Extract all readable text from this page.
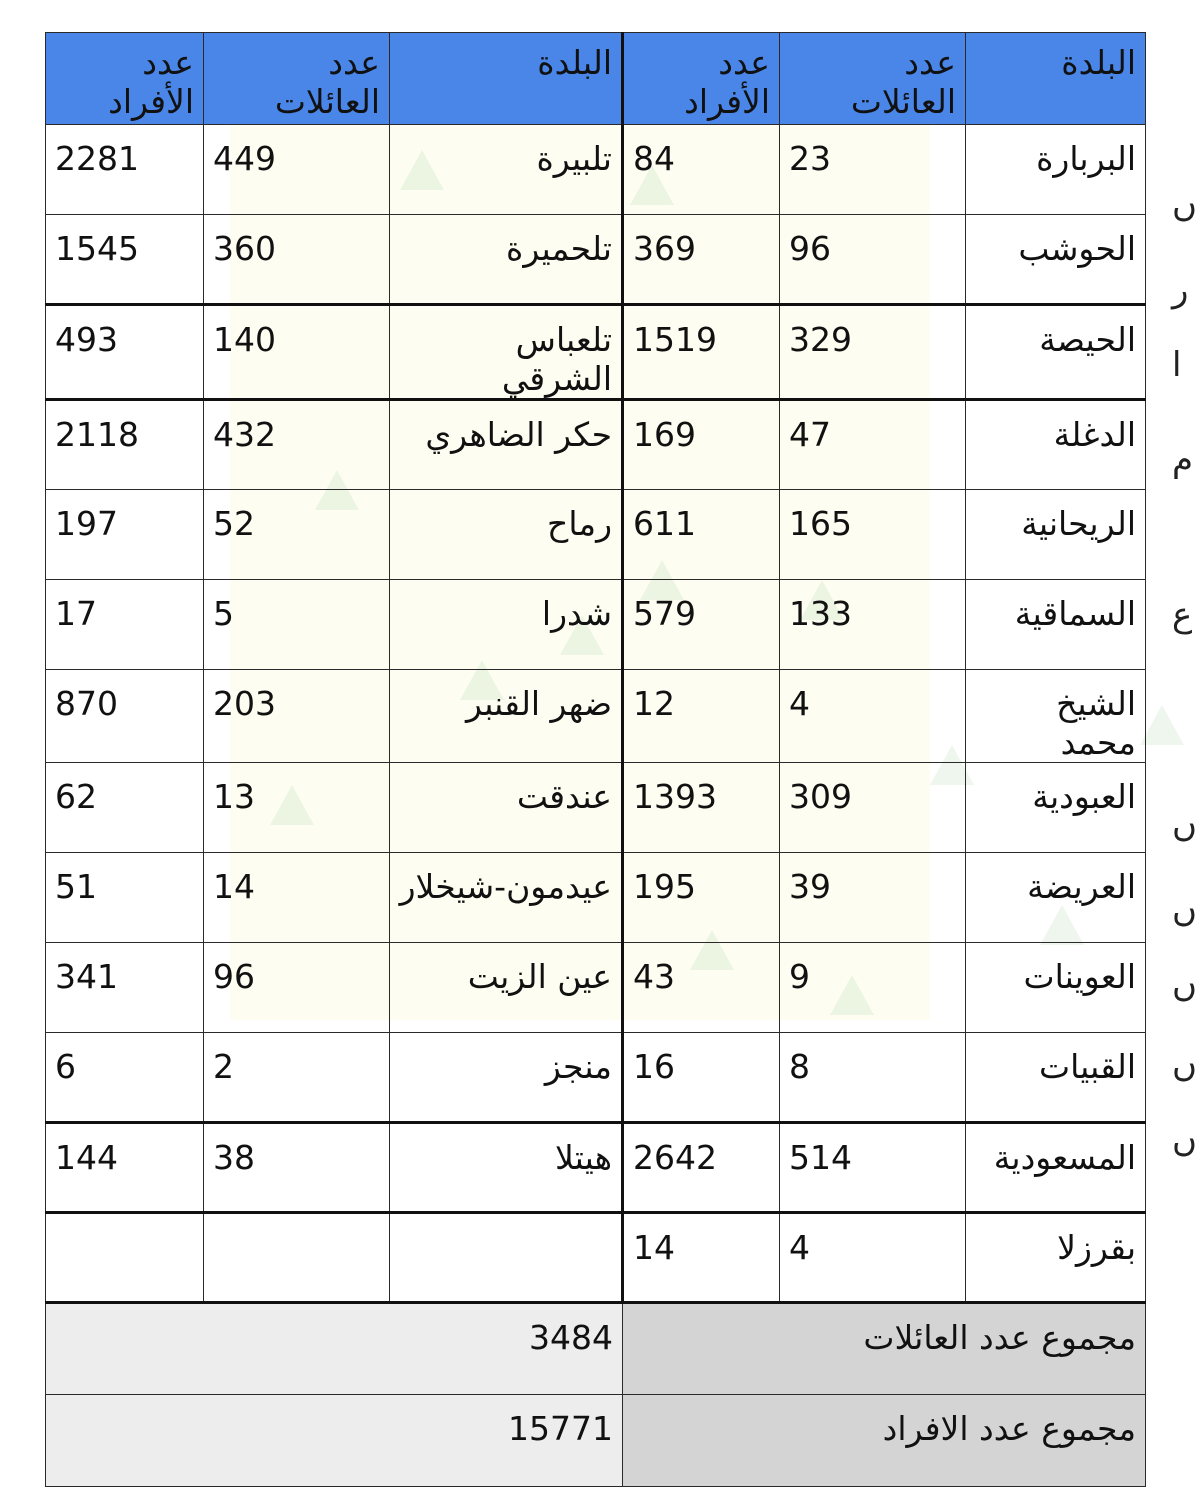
ں
ر
ا
م
ع
ں
ں
ں
ں
ں
البلدة	عدد العائلات	عدد الأفراد	البلدة	عدد العائلات	عدد الأفراد
البربارة	23	84	تلبيرة	449	2281
الحوشب	96	369	تلحميرة	360	1545
الحيصة	329	1519	تلعباس الشرقي	140	493
الدغلة	47	169	حكر الضاهري	432	2118
الريحانية	165	611	رماح	52	197
السماقية	133	579	شدرا	5	17
الشيخ محمد	4	12	ضهر القنبر	203	870
العبودية	309	1393	عندقت	13	62
العريضة	39	195	عيدمون-شيخلار	14	51
العوينات	9	43	عين الزيت	96	341
القبيات	8	16	منجز	2	6
المسعودية	514	2642	هيتلا	38	144
بقرزلا	4	14			
مجموع عدد العائلات			3484		
مجموع عدد الافراد			15771		
